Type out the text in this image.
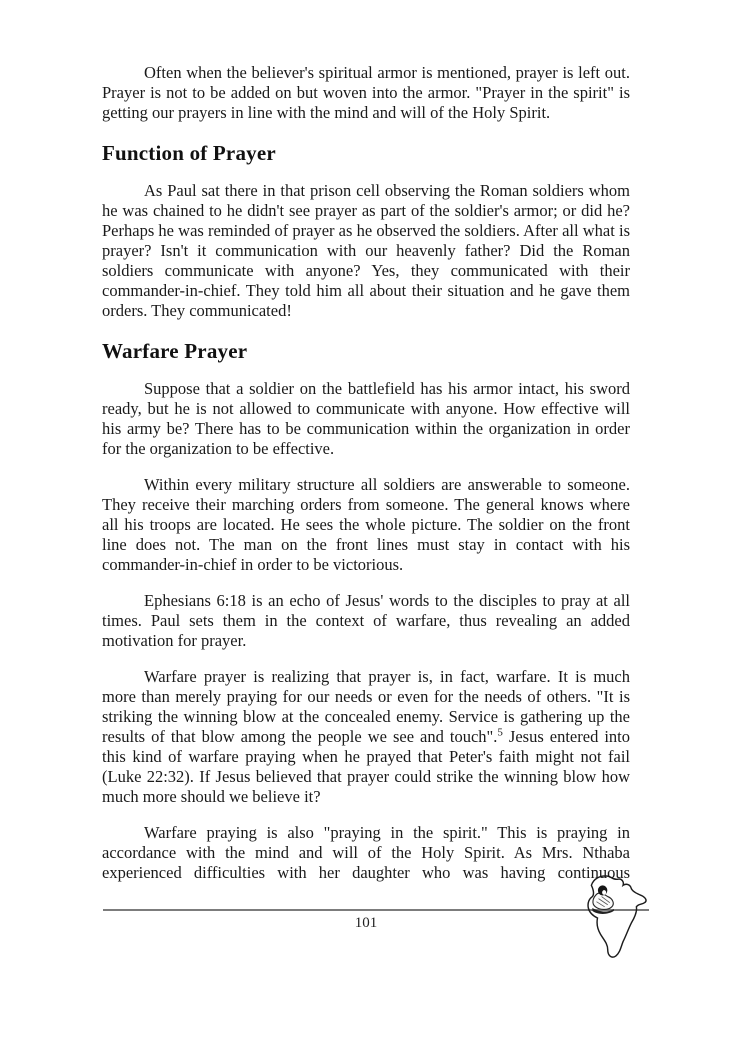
Often when the believer's spiritual armor is mentioned, prayer is left out. Prayer is not to be added on but woven into the armor. "Prayer in the spirit" is getting our prayers in line with the mind and will of the Holy Spirit.

Function of Prayer

As Paul sat there in that prison cell observing the Roman soldiers whom he was chained to he didn't see prayer as part of the soldier's armor; or did he? Perhaps he was reminded of prayer as he observed the soldiers. After all what is prayer? Isn't it communication with our heavenly father? Did the Roman soldiers communicate with anyone? Yes, they communicated with their commander-in-chief. They told him all about their situation and he gave them orders. They communicated!

Warfare Prayer

Suppose that a soldier on the battlefield has his armor intact, his sword ready, but he is not allowed to communicate with anyone. How effective will his army be? There has to be communication within the organization in order for the organization to be effective.

Within every military structure all soldiers are answerable to someone. They receive their marching orders from someone. The general knows where all his troops are located. He sees the whole picture. The soldier on the front line does not. The man on the front lines must stay in contact with his commander-in-chief in order to be victorious.

Ephesians 6:18 is an echo of Jesus' words to the disciples to pray at all times. Paul sets them in the context of warfare, thus revealing an added motivation for prayer.

Warfare prayer is realizing that prayer is, in fact, warfare. It is much more than merely praying for our needs or even for the needs of others. "It is striking the winning blow at the concealed enemy. Service is gathering up the results of that blow among the people we see and touch".$^5$ Jesus entered into this kind of warfare praying when he prayed that Peter's faith might not fail (Luke 22:32). If Jesus believed that prayer could strike the winning blow how much more should we believe it?

Warfare praying is also "praying in the spirit." This is praying in accordance with the mind and will of the Holy Spirit. As Mrs. Nthaba experienced difficulties with her daughter who was having continuous

101
